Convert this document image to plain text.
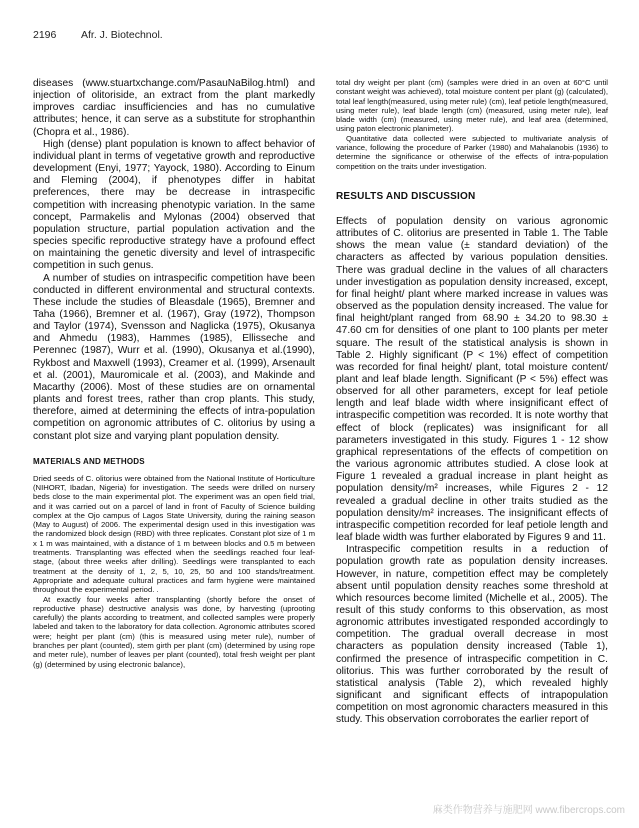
2196 Afr. J. Biotechnol.

diseases (www.stuartxchange.com/PasauNaBilog.html) and injection of olitoriside, an extract from the plant markedly improves cardiac insufficiencies and has no cumulative attributes; hence, it can serve as a substitute for strophanthin (Chopra et al., 1986).

High (dense) plant population is known to affect behavior of individual plant in terms of vegetative growth and reproductive development (Enyi, 1977; Yayock, 1980). According to Einum and Fleming (2004), if phenotypes differ in habitat preferences, there may be decrease in intraspecific competition with increasing phenotypic variation. In the same concept, Parmakelis and Mylonas (2004) observed that population structure, partial population activation and the species specific reproductive strategy have a profound effect on maintaining the genetic diversity and level of intraspecific competition in such genus.

A number of studies on intraspecific competition have been conducted in different environmental and structural contexts. These include the studies of Bleasdale (1965), Bremner and Taha (1966), Bremner et al. (1967), Gray (1972), Thompson and Taylor (1974), Svensson and Naglicka (1975), Okusanya and Ahmedu (1983), Hammes (1985), Ellisseche and Perennec (1987), Wurr et al. (1990), Okusanya et al.(1990), Rykbost and Maxwell (1993), Creamer et al. (1999), Arsenault et al. (2001), Mauromicale et al. (2003), and Makinde and Macarthy (2006). Most of these studies are on ornamental plants and forest trees, rather than crop plants. This study, therefore, aimed at determining the effects of intra-population competition on agronomic attributes of C. olitorius by using a constant plot size and varying plant population density.

MATERIALS AND METHODS

Dried seeds of C. olitorius were obtained from the National Institute of Horticulture (NIHORT, Ibadan, Nigeria) for investigation. The seeds were drilled on nursery beds close to the main experimental plot. The experiment was an open field trial, and it was carried out on a parcel of land in front of Faculty of Science building complex at the Ojo campus of Lagos State University, during the raining season (May to August) of 2006. The experimental design used in this investigation was the randomized block design (RBD) with three replicates. Constant plot size of 1 m x 1 m was maintained, with a distance of 1 m between blocks and 0.5 m between treatments. Transplanting was effected when the seedlings reached four leaf-stage, (about three weeks after drilling). Seedlings were transplanted to each treatment at the density of 1, 2, 5, 10, 25, 50 and 100 stands/treatment. Appropriate and adequate cultural practices and farm hygiene were maintained throughout the experimental period. .

At exactly four weeks after transplanting (shortly before the onset of reproductive phase) destructive analysis was done, by harvesting (uprooting carefully) the plants according to treatment, and collected samples were properly labeled and taken to the laboratory for data collection. Agronomic attributes scored were; height per plant (cm) (this is measured using meter rule), number of branches per plant (counted), stem girth per plant (cm) (determined by using rope and meter rule), number of leaves per plant (counted), total fresh weight per plant (g) (determined by using electronic balance),

total dry weight per plant (cm) (samples were dried in an oven at 60°C until constant weight was achieved), total moisture content per plant (g) (calculated), total leaf length(measured, using meter rule) (cm), leaf petiole length(measured, using meter rule), leaf blade length (cm) (measured, using meter rule), leaf blade width (cm) (measured, using meter rule), and leaf area (determined, using paton electronic planimeter).

Quantitative data collected were subjected to multivariate analysis of variance, following the procedure of Parker (1980) and Mahalanobis (1936) to determine the significance or otherwise of the effects of intra-population competition on the traits under investigation.

RESULTS AND DISCUSSION

Effects of population density on various agronomic attributes of C. olitorius are presented in Table 1. The Table shows the mean value (± standard deviation) of the characters as affected by various population densities. There was gradual decline in the values of all characters under investigation as population density increased, except, for final height/ plant where marked increase in values was observed as the population density increased. The value for final height/plant ranged from 68.90 ± 34.20 to 98.30 ± 47.60 cm for densities of one plant to 100 plants per meter square. The result of the statistical analysis is shown in Table 2. Highly significant (P < 1%) effect of competition was recorded for final height/ plant, total moisture content/ plant and leaf blade length. Significant (P < 5%) effect was observed for all other parameters, except for leaf petiole length and leaf blade width where insignificant effect of intraspecific competition was recorded. It is note worthy that effect of block (replicates) was insignificant for all parameters investigated in this study. Figures 1 - 12 show graphical representations of the effects of competition on the various agronomic attributes studied. A close look at Figure 1 revealed a gradual increase in plant height as population density/m² increases, while Figures 2 - 12 revealed a gradual decline in other traits studied as the population density/m² increases. The insignificant effects of intraspecific competition recorded for leaf petiole length and leaf blade width was further elaborated by Figures 9 and 11.

Intraspecific competition results in a reduction of population growth rate as population density increases. However, in nature, competition effect may be completely absent until population density reaches some threshold at which resources become limited (Michelle et al., 2005). The result of this study conforms to this observation, as most agronomic attributes investigated responded accordingly to competition. The gradual overall decrease in most characters as population density increased (Table 1), confirmed the presence of intraspecific competition in C. olitorius. This was further corroborated by the result of statistical analysis (Table 2), which revealed highly significant and significant effects of intrapopulation competition on most agronomic characters measured in this study. This observation corroborates the earlier report of

麻类作物营养与施肥网 www.fibercrops.com
